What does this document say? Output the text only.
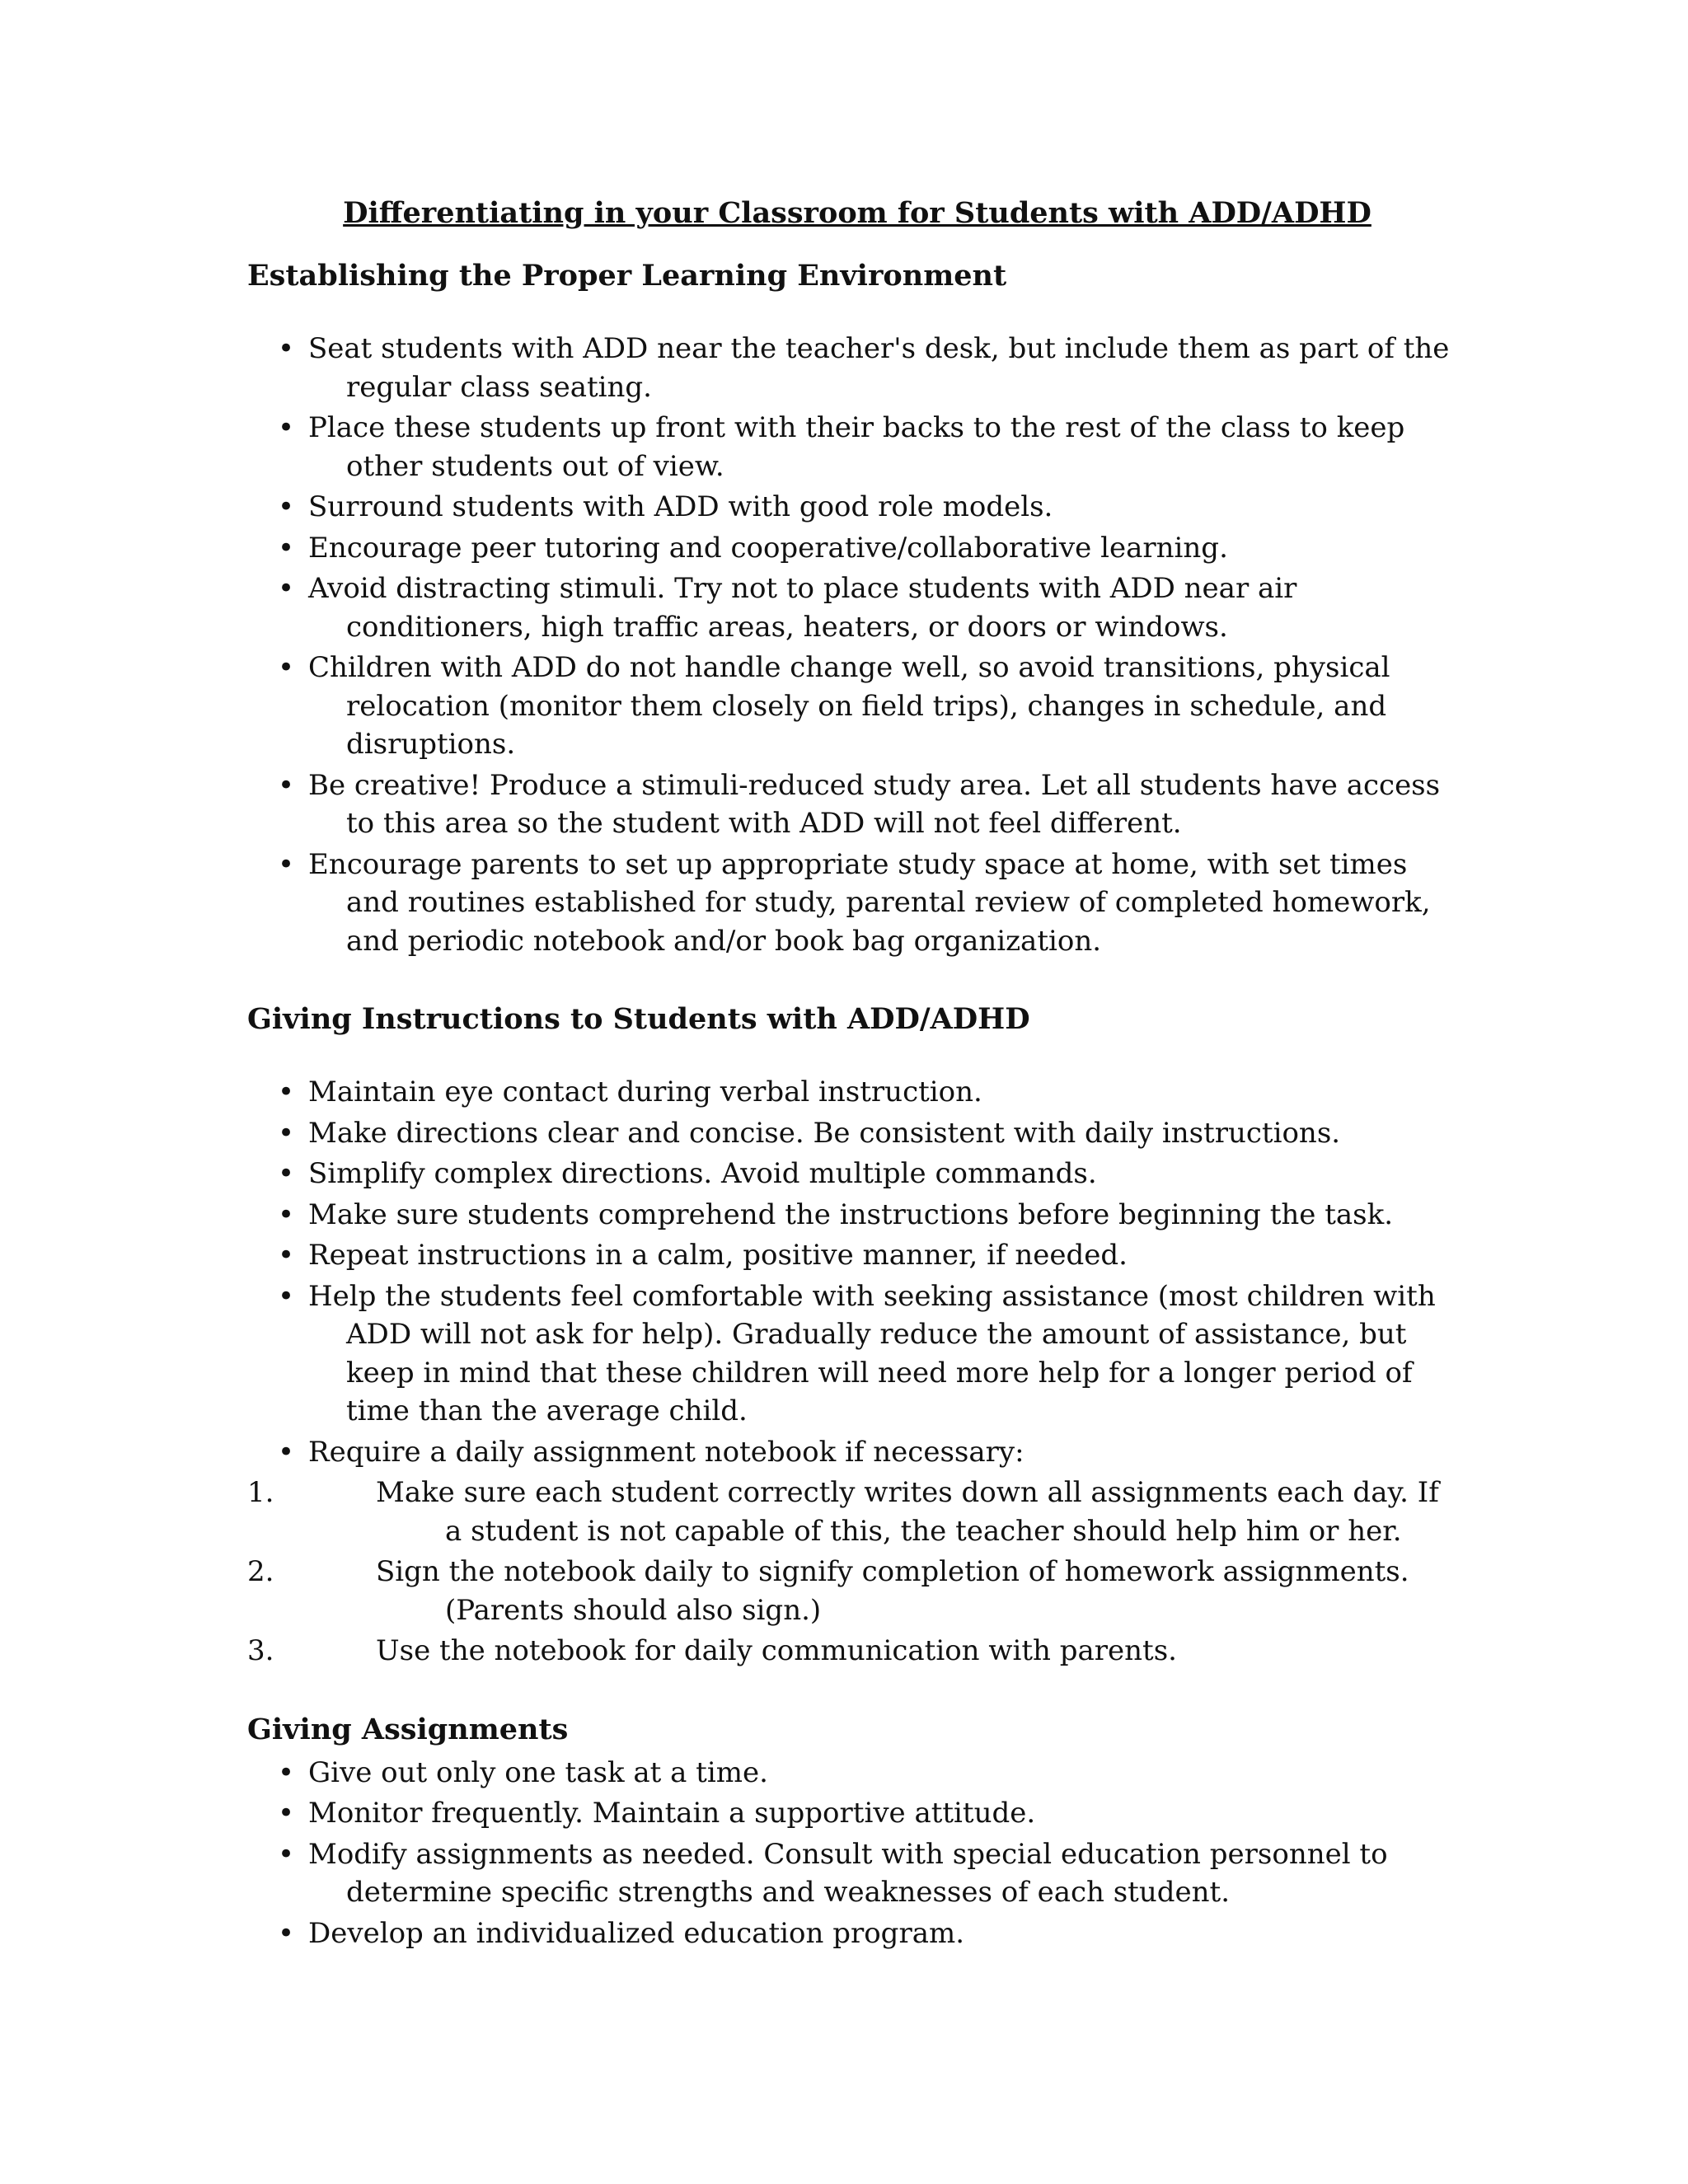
Differentiating in your Classroom for Students with ADD/ADHD
Establishing the Proper Learning Environment
• Seat students with ADD near the teacher's desk, but include them as part of the regular class seating.
• Place these students up front with their backs to the rest of the class to keep other students out of view.
• Surround students with ADD with good role models.
• Encourage peer tutoring and cooperative/collaborative learning.
• Avoid distracting stimuli. Try not to place students with ADD near air conditioners, high traffic areas, heaters, or doors or windows.
• Children with ADD do not handle change well, so avoid transitions, physical relocation (monitor them closely on field trips), changes in schedule, and disruptions.
• Be creative! Produce a stimuli-reduced study area. Let all students have access to this area so the student with ADD will not feel different.
• Encourage parents to set up appropriate study space at home, with set times and routines established for study, parental review of completed homework, and periodic notebook and/or book bag organization.
Giving Instructions to Students with ADD/ADHD
• Maintain eye contact during verbal instruction.
• Make directions clear and concise. Be consistent with daily instructions.
• Simplify complex directions. Avoid multiple commands.
• Make sure students comprehend the instructions before beginning the task.
• Repeat instructions in a calm, positive manner, if needed.
• Help the students feel comfortable with seeking assistance (most children with ADD will not ask for help). Gradually reduce the amount of assistance, but keep in mind that these children will need more help for a longer period of time than the average child.
• Require a daily assignment notebook if necessary:
1.	Make sure each student correctly writes down all assignments each day. If a student is not capable of this, the teacher should help him or her.
2.	Sign the notebook daily to signify completion of homework assignments. (Parents should also sign.)
3.	Use the notebook for daily communication with parents.
Giving Assignments
• Give out only one task at a time.
• Monitor frequently. Maintain a supportive attitude.
• Modify assignments as needed. Consult with special education personnel to determine specific strengths and weaknesses of each student.
• Develop an individualized education program.
